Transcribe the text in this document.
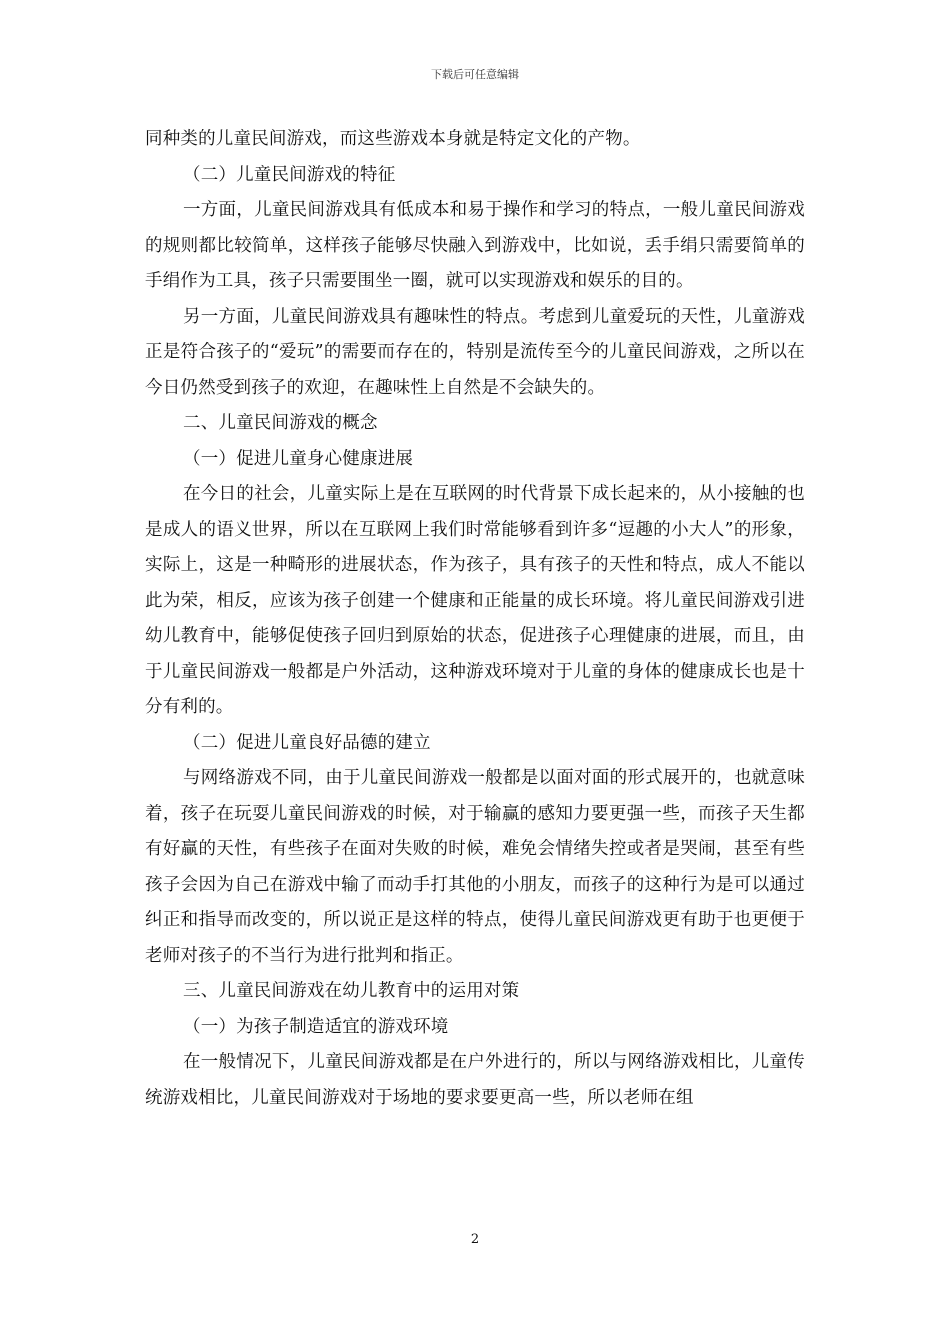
下载后可任意编辑

同种类的儿童民间游戏，而这些游戏本身就是特定文化的产物。

（二）儿童民间游戏的特征

一方面，儿童民间游戏具有低成本和易于操作和学习的特点，一般儿童民间游戏的规则都比较简单，这样孩子能够尽快融入到游戏中，比如说，丢手绢只需要简单的手绢作为工具，孩子只需要围坐一圈，就可以实现游戏和娱乐的目的。

另一方面，儿童民间游戏具有趣味性的特点。考虑到儿童爱玩的天性，儿童游戏正是符合孩子的“爱玩”的需要而存在的，特别是流传至今的儿童民间游戏，之所以在今日仍然受到孩子的欢迎，在趣味性上自然是不会缺失的。

二、儿童民间游戏的概念

（一）促进儿童身心健康进展

在今日的社会，儿童实际上是在互联网的时代背景下成长起来的，从小接触的也是成人的语义世界，所以在互联网上我们时常能够看到许多“逗趣的小大人”的形象，实际上，这是一种畸形的进展状态，作为孩子，具有孩子的天性和特点，成人不能以此为荣，相反，应该为孩子创建一个健康和正能量的成长环境。将儿童民间游戏引进幼儿教育中，能够促使孩子回归到原始的状态，促进孩子心理健康的进展，而且，由于儿童民间游戏一般都是户外活动，这种游戏环境对于儿童的身体的健康成长也是十分有利的。

（二）促进儿童良好品德的建立

与网络游戏不同，由于儿童民间游戏一般都是以面对面的形式展开的，也就意味着，孩子在玩耍儿童民间游戏的时候，对于输赢的感知力要更强一些，而孩子天生都有好赢的天性，有些孩子在面对失败的时候，难免会情绪失控或者是哭闹，甚至有些孩子会因为自己在游戏中输了而动手打其他的小朋友，而孩子的这种行为是可以通过纠正和指导而改变的，所以说正是这样的特点，使得儿童民间游戏更有助于也更便于老师对孩子的不当行为进行批判和指正。

三、儿童民间游戏在幼儿教育中的运用对策

（一）为孩子制造适宜的游戏环境

在一般情况下，儿童民间游戏都是在户外进行的，所以与网络游戏相比，儿童传统游戏相比，儿童民间游戏对于场地的要求要更高一些，所以老师在组

2
